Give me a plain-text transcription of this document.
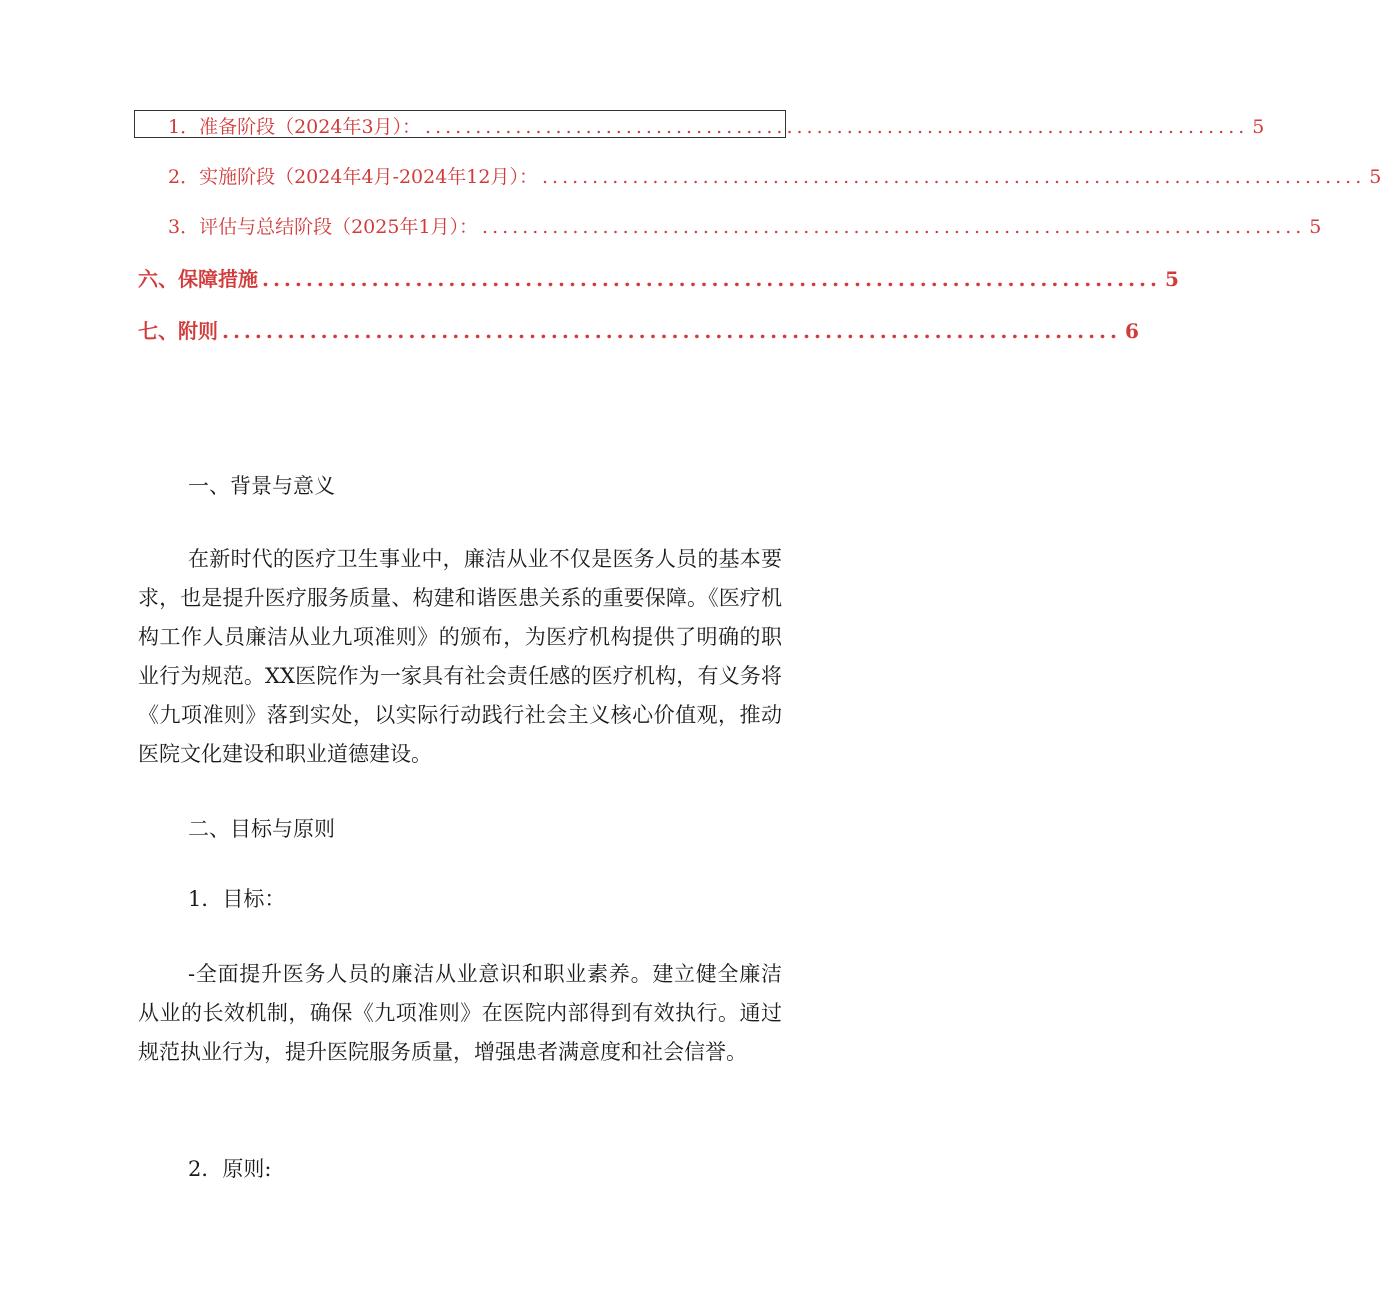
1．准备阶段（2024年3月）： .................................................................................. 5
2．实施阶段（2024年4月-2024年12月）： .................................................................................. 5
3．评估与总结阶段（2025年1月）： .................................................................................. 5
六、保障措施 .................................................................................. 5
七、附则 .................................................................................. 6
一、背景与意义

在新时代的医疗卫生事业中，廉洁从业不仅是医务人员的基本要求，也是提升医疗服务质量、构建和谐医患关系的重要保障。《医疗机构工作人员廉洁从业九项准则》的颁布，为医疗机构提供了明确的职业行为规范。XX医院作为一家具有社会责任感的医疗机构，有义务将《九项准则》落到实处，以实际行动践行社会主义核心价值观，推动医院文化建设和职业道德建设。

二、目标与原则
1．目标：

-全面提升医务人员的廉洁从业意识和职业素养。建立健全廉洁从业的长效机制，确保《九项准则》在医院内部得到有效执行。通过规范执业行为，提升医院服务质量，增强患者满意度和社会信誉。

2．原则:
